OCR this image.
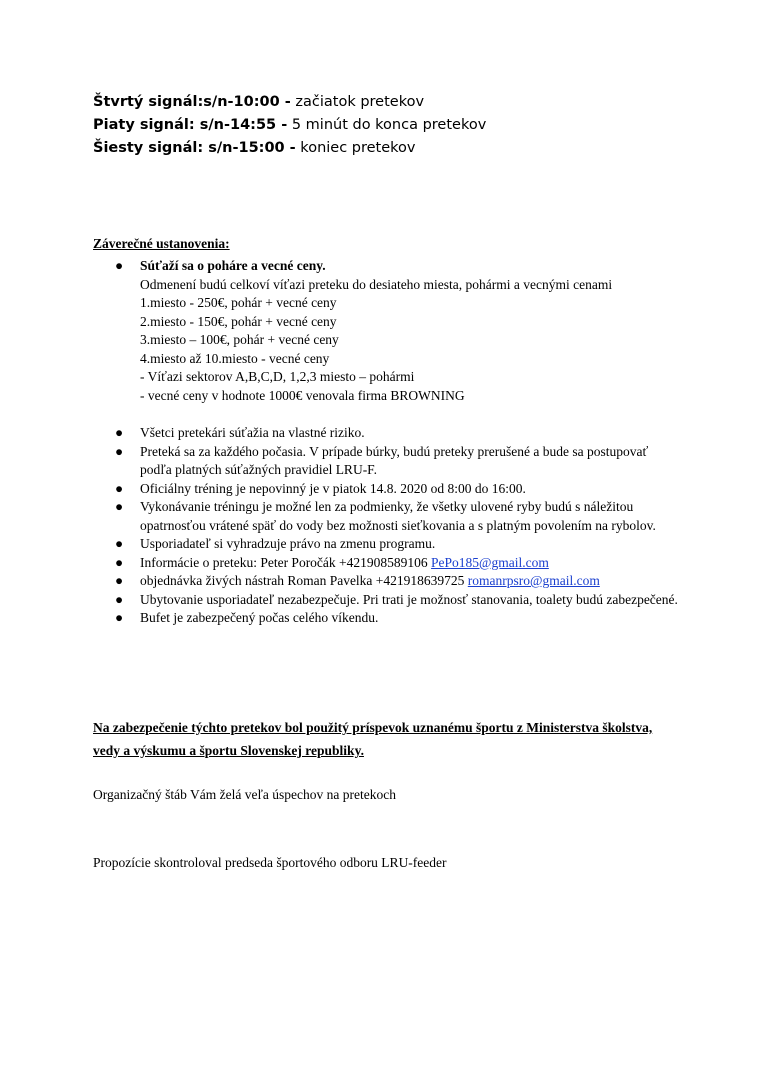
Štvrtý signál:s/n-10:00 - začiatok pretekov
Piaty signál: s/n-14:55 - 5 minút do konca pretekov
Šiesty signál: s/n-15:00 - koniec pretekov
Záverečné ustanovenia:
● Súťaží sa o poháre a vecné ceny.
Odmenení budú celkoví víťazi preteku do desiateho miesta, pohármi a vecnými cenami
1.miesto - 250€, pohár + vecné ceny
2.miesto - 150€, pohár + vecné ceny
3.miesto – 100€, pohár + vecné ceny
4.miesto až 10.miesto - vecné ceny
- Víťazi sektorov A,B,C,D, 1,2,3 miesto – pohármi
- vecné ceny v hodnote 1000€ venovala firma BROWNING
● Všetci pretekári súťažia na vlastné riziko.
● Preteká sa za každého počasia. V prípade búrky, budú preteky prerušené a bude sa postupovať podľa platných súťažných pravidiel LRU-F.
● Oficiálny tréning je nepovinný je v piatok 14.8. 2020 od 8:00 do 16:00.
● Vykonávanie tréningu je možné len za podmienky, že všetky ulovené ryby budú s náležitou opatrnosťou vrátené späť do vody bez možnosti sieťkovania a s platným povolením na rybolov.
● Usporiadateľ si vyhradzuje právo na zmenu programu.
● Informácie o preteku: Peter Poročák +421908589106 PePo185@gmail.com
● objednávka živých nástrah Roman Pavelka +421918639725 romanrpsro@gmail.com
● Ubytovanie usporiadateľ nezabezpečuje. Pri trati je možnosť stanovania, toalety budú zabezpečené.
● Bufet je zabezpečený počas celého víkendu.
Na zabezpečenie týchto pretekov bol použitý príspevok uznanému športu z Ministerstva školstva, vedy a výskumu a športu Slovenskej republiky.
Organizačný štáb Vám želá veľa úspechov na pretekoch
Propozície skontroloval predseda športového odboru LRU-feeder
